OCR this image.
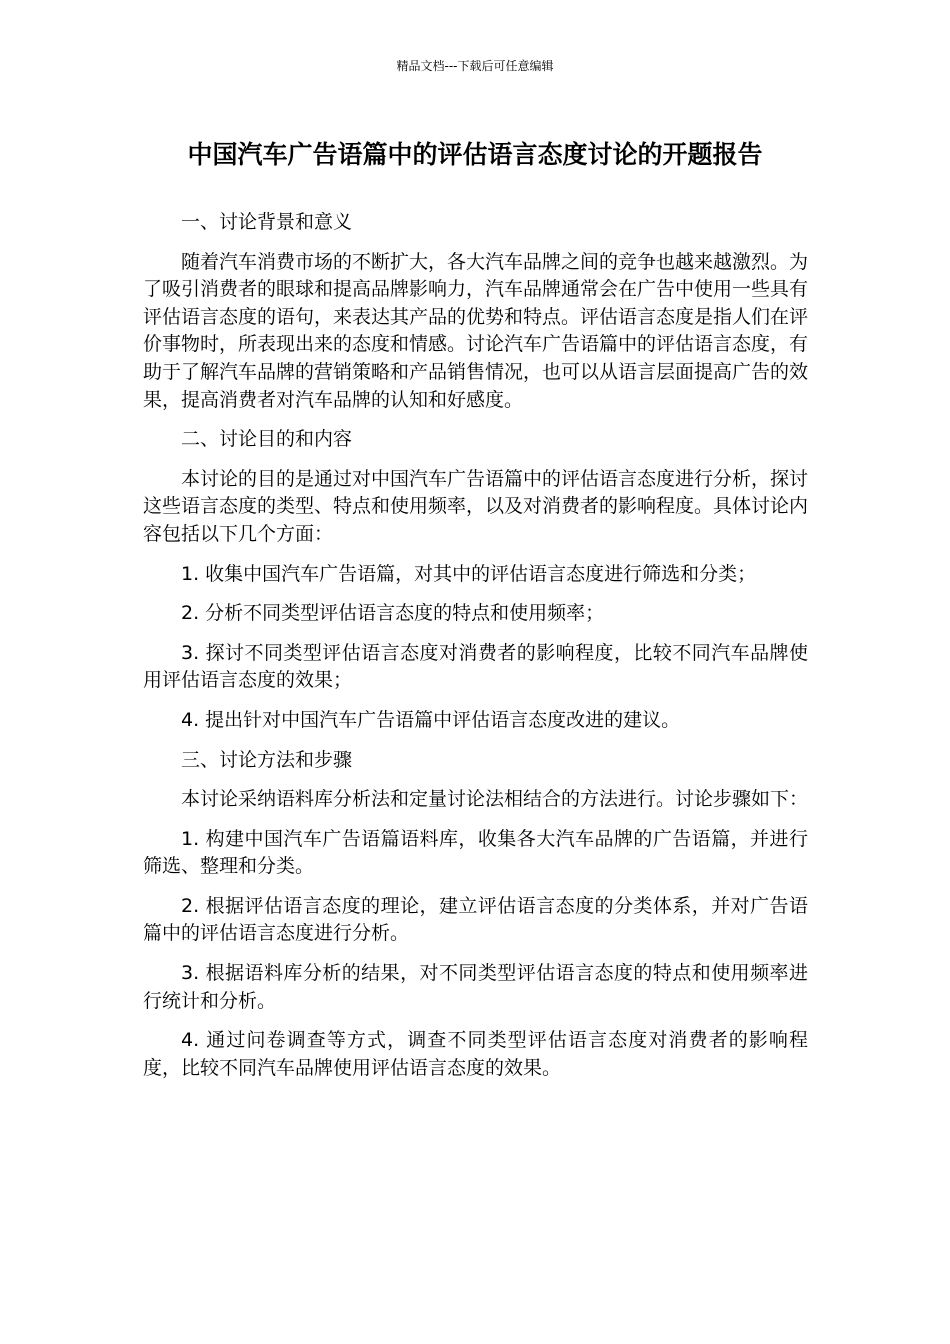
精品文档---下载后可任意编辑
中国汽车广告语篇中的评估语言态度讨论的开题报告

一、讨论背景和意义

随着汽车消费市场的不断扩大，各大汽车品牌之间的竞争也越来越激烈。为了吸引消费者的眼球和提高品牌影响力，汽车品牌通常会在广告中使用一些具有评估语言态度的语句，来表达其产品的优势和特点。评估语言态度是指人们在评价事物时，所表现出来的态度和情感。讨论汽车广告语篇中的评估语言态度，有助于了解汽车品牌的营销策略和产品销售情况，也可以从语言层面提高广告的效果，提高消费者对汽车品牌的认知和好感度。

二、讨论目的和内容

本讨论的目的是通过对中国汽车广告语篇中的评估语言态度进行分析，探讨这些语言态度的类型、特点和使用频率，以及对消费者的影响程度。具体讨论内容包括以下几个方面：

1. 收集中国汽车广告语篇，对其中的评估语言态度进行筛选和分类；

2. 分析不同类型评估语言态度的特点和使用频率；

3. 探讨不同类型评估语言态度对消费者的影响程度，比较不同汽车品牌使用评估语言态度的效果；

4. 提出针对中国汽车广告语篇中评估语言态度改进的建议。

三、讨论方法和步骤

本讨论采纳语料库分析法和定量讨论法相结合的方法进行。讨论步骤如下：

1. 构建中国汽车广告语篇语料库，收集各大汽车品牌的广告语篇，并进行筛选、整理和分类。

2. 根据评估语言态度的理论，建立评估语言态度的分类体系，并对广告语篇中的评估语言态度进行分析。

3. 根据语料库分析的结果，对不同类型评估语言态度的特点和使用频率进行统计和分析。

4. 通过问卷调查等方式，调查不同类型评估语言态度对消费者的影响程度，比较不同汽车品牌使用评估语言态度的效果。
